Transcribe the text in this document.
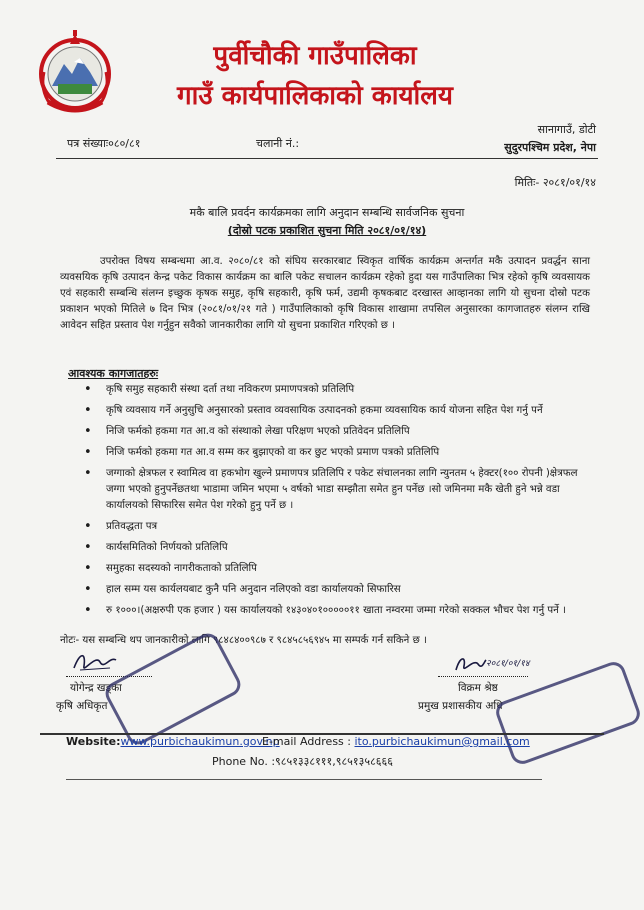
पुर्वीचौकी गाउँपालिका
गाउँ कार्यपालिकाको कार्यालय
पत्र संख्याः०८०/८१	चलानी नं.:
सानागाउँ, डोटी
सुदुरपश्चिम प्रदेश, नेपा
मितिः- २०८१/०१/१४
मकै बालि प्रवर्दन कार्यक्रमका लागि अनुदान सम्बन्धि सार्वजनिक सुचना
(दोस्रो पटक प्रकाशित सुचना मिति २०८१/०१/१४)
उपरोक्त विषय सम्बन्धमा आ.व. २०८०/८१ को संघिय सरकारबाट स्विकृत वार्षिक कार्यक्रम अन्तर्गत मकै उत्पादन प्रवर्द्धन साना व्यवसयिक कृषि उत्पादन केन्द्र पकेट विकास कार्यक्रम का बालि पकेट सचालन कार्यक्रम रहेको हुदा यस गाउँपालिका भित्र रहेको कृषि व्यवसायक एवं सहकारी सम्बन्धि संलग्न इच्छुक कृषक समुह, कृषि सहकारी, कृषि फर्म, उद्यमी कृषकबाट दरखास्त आव्हानका लागि यो सुचना दोस्रो पटक प्रकाशन भएको मितिले ७ दिन भित्र (२०८१/०१/२१ गते ) गाउँपालिकाको कृषि विकास शाखामा तपसिल अनुसारका कागजातहरु संलग्न राखि आवेदन सहित प्रस्ताव पेश गर्नुहुन सवैको जानकारीका लागि यो सुचना प्रकाशित गरिएको छ ।
आवश्यक कागजातहरुः
• कृषि समुह सहकारी संस्था दर्ता तथा नविकरण प्रमाणपत्रको प्रतिलिपि
• कृषि व्यवसाय गर्ने अनुसुचि अनुसारको प्रस्ताव व्यवसायिक उत्पादनको हकमा व्यवसायिक कार्य योजना सहित पेश गर्नु पर्ने
• निजि फर्मको हकमा गत आ.व को संस्थाको लेखा परिक्षण भएको प्रतिवेदन प्रतिलिपि
• निजि फर्मको हकमा गत आ.व सम्म कर बुझाएको वा कर छुट भएको प्रमाण पत्रको प्रतिलिपि
• जग्गाको क्षेत्रफल र स्वामित्व वा हकभोग खुल्ने प्रमाणपत्र प्रतिलिपि र पकेट संचालनका लागि न्युनतम ५ हेक्टर(१०० रोपनी )क्षेत्रफल जग्गा भएको हुनुपर्नेछतथा भाडामा जमिन भएमा ५ वर्षको भाडा सम्झौता समेत हुन पर्नेछ ।सो जमिनमा मकै खेती हुने भन्ने वडा कार्यालयको सिफारिस समेत पेश गरेको हुनु पर्ने छ ।
• प्रतिवद्धता पत्र
• कार्यसमितिको निर्णयको प्रतिलिपि
• समुहका सदस्यको नागरीकताको प्रतिलिपि
• हाल सम्म यस कार्यलयबाट कुनै पनि अनुदान नलिएको वडा कार्यालयको सिफारिस
• रु १०००।(अक्षरुपी एक हजार ) यस कार्यालयको १४३०४०१०००००११ खाता नम्वरमा जम्मा गरेको सक्कल भौचर पेश गर्नु पर्ने ।
नोटः- यस सम्बन्धि थप जानकारीको लागि ९८४८४००९८७ र ९८४५८५६९४५ मा सम्पर्क गर्न सकिने छ ।
योगेन्द्र खड्का
कृषि अधिकृत
२०८१/०१/१४
विक्रम श्रेष्ठ
प्रमुख प्रशासकीय अधि
Website:www.purbichaukimun.gov.np
E-mail Address : ito.purbichaukimun@gmail.com
Phone No. :९८५१३३८१११,९८५१३५८६६६
